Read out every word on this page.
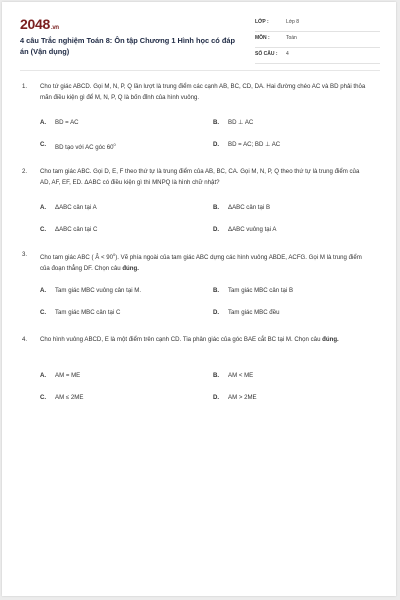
2048.vn
4 câu Trắc nghiệm Toán 8: Ôn tập Chương 1 Hình học có đáp án (Vận dụng)
LỚP :	Lớp 8
MÔN :	Toán
SỐ CÂU : 4
1. Cho tứ giác ABCD. Gọi M, N, P, Q lần lượt là trung điểm các cạnh AB, BC, CD, DA. Hai đường chéo AC và BD phải thỏa mãn điều kiện gì để M, N, P, Q là bốn đỉnh của hình vuông.
A. BD = AC	B. BD ⊥ AC
C. BD tạo với AC góc $60^0$	D. BD = AC; BD ⊥ AC
2. Cho tam giác ABC. Gọi D, E, F theo thứ tự là trung điểm của AB, BC, CA. Gọi M, N, P, Q theo thứ tự là trung điểm của AD, AF, EF, ED. ΔABC có điều kiện gì thì MNPQ là hình chữ nhật?
A. ΔABC cân tại A	B. ΔABC cân tại B
C. ΔABC cân tại C	D. ΔABC vuông tại A
3. Cho tam giác ABC ( Â < $90^0$). Vẽ phía ngoài của tam giác ABC dựng các hình vuông ABDE, ACFG. Gọi M là trung điểm của đoạn thẳng DF. Chọn câu đúng.
A. Tam giác MBC vuông cân tại M.	B. Tam giác MBC cân tại B
C. Tam giác MBC cân tại C	D. Tam giác MBC đều
4. Cho hình vuông ABCD, E là một điểm trên cạnh CD. Tia phân giác của góc BAE cắt BC tại M. Chọn câu đúng.
A. AM = ME	B. AM < ME
C. AM ≤ 2ME	D. AM > 2ME
